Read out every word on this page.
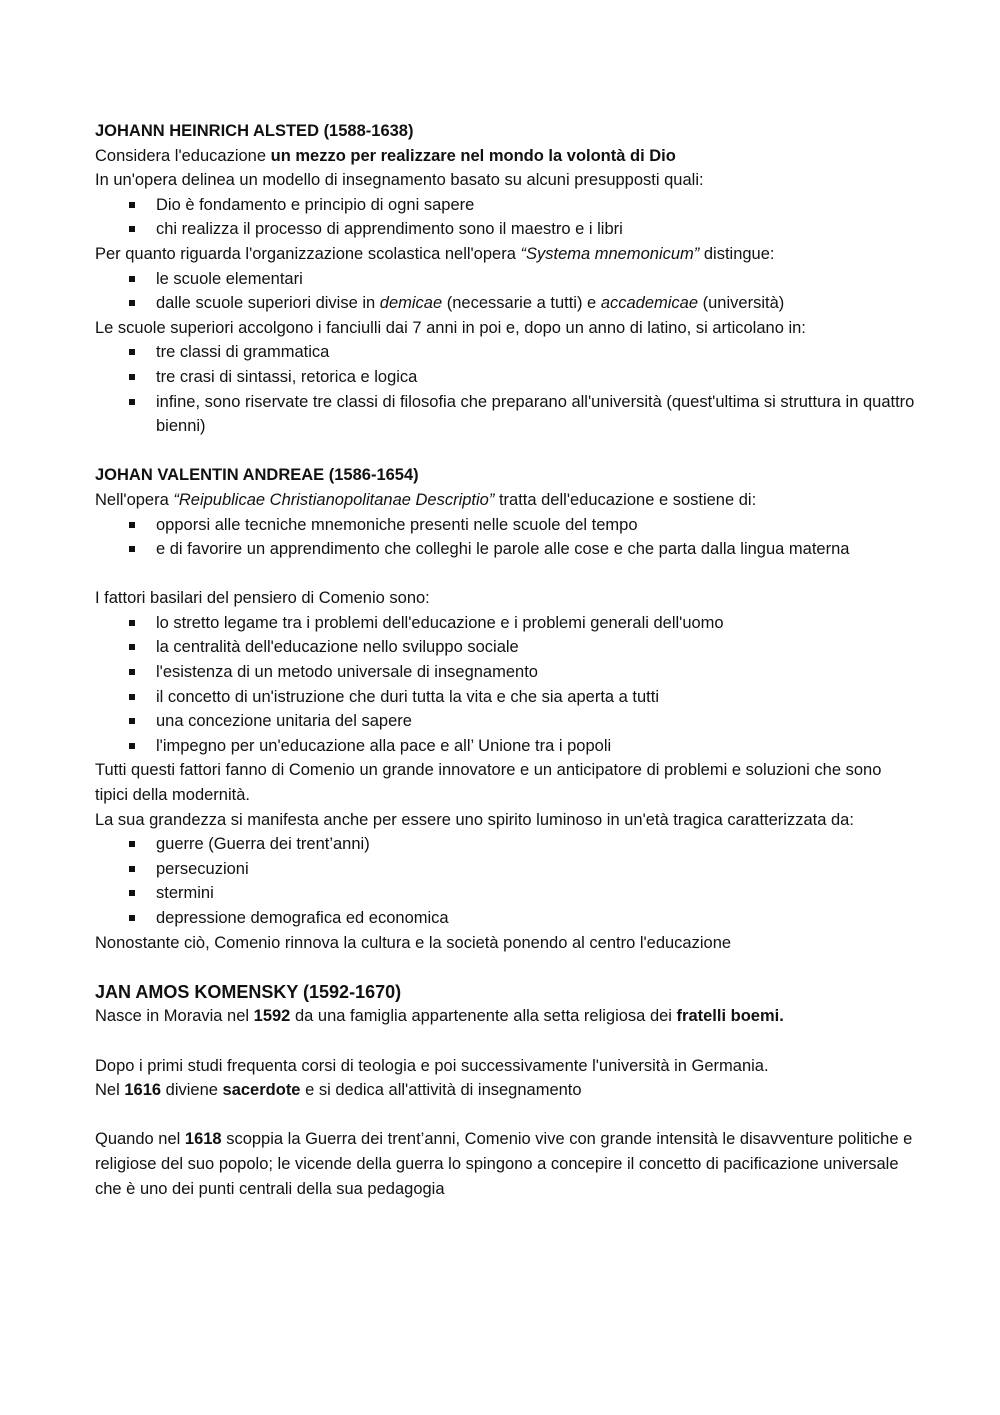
JOHANN HEINRICH ALSTED (1588-1638)

Considera l'educazione un mezzo per realizzare nel mondo la volontà di Dio

In un'opera delinea un modello di insegnamento basato su alcuni presupposti quali:

Dio è fondamento e principio di ogni sapere
chi realizza il processo di apprendimento sono il maestro e i libri

Per quanto riguarda l'organizzazione scolastica nell'opera “Systema mnemonicum” distingue:

le scuole elementari
dalle scuole superiori divise in demicae (necessarie a tutti) e accademicae (università)

Le scuole superiori accolgono i fanciulli dai 7 anni in poi e, dopo un anno di latino, si articolano in:

tre classi di grammatica
tre crasi di sintassi, retorica e logica
infine, sono riservate tre classi di filosofia che preparano all'università (quest'ultima si struttura in quattro bienni)

JOHAN VALENTIN ANDREAE (1586-1654)

Nell'opera “Reipublicae Christianopolitanae Descriptio” tratta dell'educazione e sostiene di:

opporsi alle tecniche mnemoniche presenti nelle scuole del tempo
e di favorire un apprendimento che colleghi le parole alle cose e che parta dalla lingua materna

I fattori basilari del pensiero di Comenio sono:

lo stretto legame tra i problemi dell'educazione e i problemi generali dell'uomo
la centralità dell'educazione nello sviluppo sociale
l'esistenza di un metodo universale di insegnamento
il concetto di un'istruzione che duri tutta la vita e che sia aperta a tutti
una concezione unitaria del sapere
l'impegno per un'educazione alla pace e all’ Unione tra i popoli

Tutti questi fattori fanno di Comenio un grande innovatore e un anticipatore di problemi e soluzioni che sono tipici della modernità.

La sua grandezza si manifesta anche per essere uno spirito luminoso in un'età tragica caratterizzata da:

guerre (Guerra dei trent’anni)
persecuzioni
stermini
depressione demografica ed economica

Nonostante ciò, Comenio rinnova la cultura e la società ponendo al centro l'educazione

JAN AMOS KOMENSKY (1592-1670)

Nasce in Moravia nel 1592 da una famiglia appartenente alla setta religiosa dei fratelli boemi.

Dopo i primi studi frequenta corsi di teologia e poi successivamente l'università in Germania.

Nel 1616 diviene sacerdote e si dedica all'attività di insegnamento

Quando nel 1618 scoppia la Guerra dei trent’anni, Comenio vive con grande intensità le disavventure politiche e religiose del suo popolo; le vicende della guerra lo spingono a concepire il concetto di pacificazione universale che è uno dei punti centrali della sua pedagogia
